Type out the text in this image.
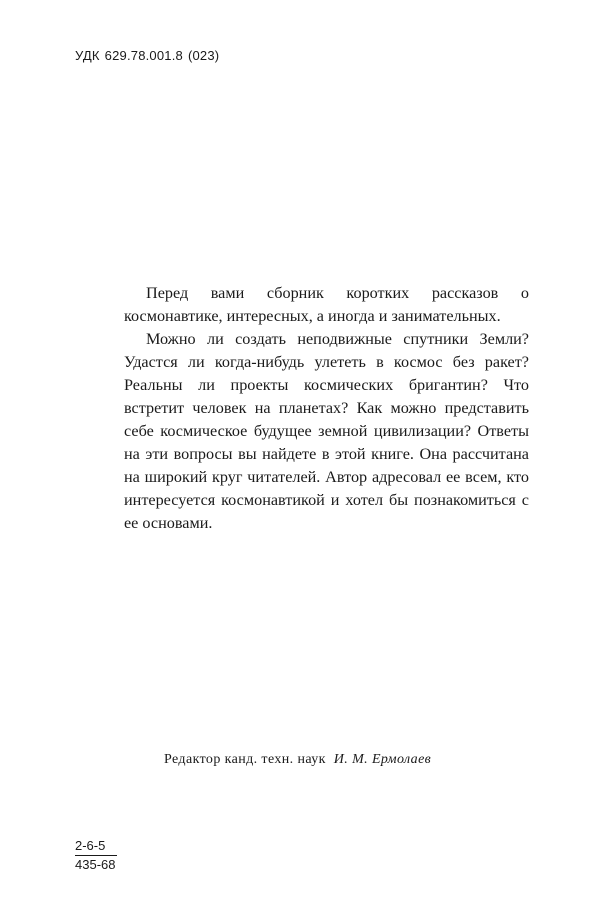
УДК 629.78.001.8 (023)

Перед вами сборник коротких рассказов о космонавтике, интересных, а иногда и занимательных.

Можно ли создать неподвижные спутники Земли? Удастся ли когда-нибудь улететь в космос без ракет? Реальны ли проекты космических бригантин? Что встретит человек на планетах? Как можно представить себе космическое будущее земной цивилизации? Ответы на эти вопросы вы найдете в этой книге. Она рассчитана на широкий круг читателей. Автор адресовал ее всем, кто интересуется космонавтикой и хотел бы познакомиться с ее основами.

Редактор канд. техн. наук И. М. Ермолаев
2-6-5
435-68
